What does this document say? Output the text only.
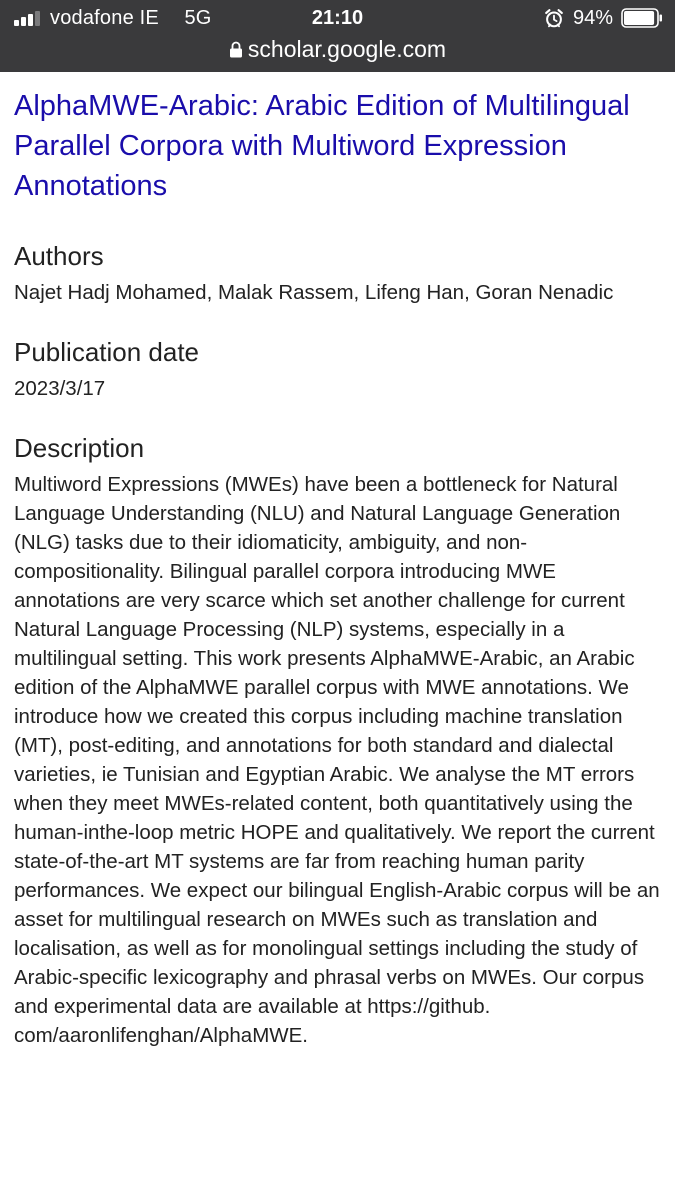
vodafone IE 5G	21:10	94%
scholar.google.com
AlphaMWE-Arabic: Arabic Edition of Multilingual Parallel Corpora with Multiword Expression Annotations
Authors
Najet Hadj Mohamed, Malak Rassem, Lifeng Han, Goran Nenadic
Publication date
2023/3/17
Description
Multiword Expressions (MWEs) have been a bottleneck for Natural Language Understanding (NLU) and Natural Language Generation (NLG) tasks due to their idiomaticity, ambiguity, and non-compositionality. Bilingual parallel corpora introducing MWE annotations are very scarce which set another challenge for current Natural Language Processing (NLP) systems, especially in a multilingual setting. This work presents AlphaMWE-Arabic, an Arabic edition of the AlphaMWE parallel corpus with MWE annotations. We introduce how we created this corpus including machine translation (MT), post-editing, and annotations for both standard and dialectal varieties, ie Tunisian and Egyptian Arabic. We analyse the MT errors when they meet MWEs-related content, both quantitatively using the human-inthe-loop metric HOPE and qualitatively. We report the current state-of-the-art MT systems are far from reaching human parity performances. We expect our bilingual English-Arabic corpus will be an asset for multilingual research on MWEs such as translation and localisation, as well as for monolingual settings including the study of Arabic-specific lexicography and phrasal verbs on MWEs. Our corpus and experimental data are available at https://github. com/aaronlifenghan/AlphaMWE.
